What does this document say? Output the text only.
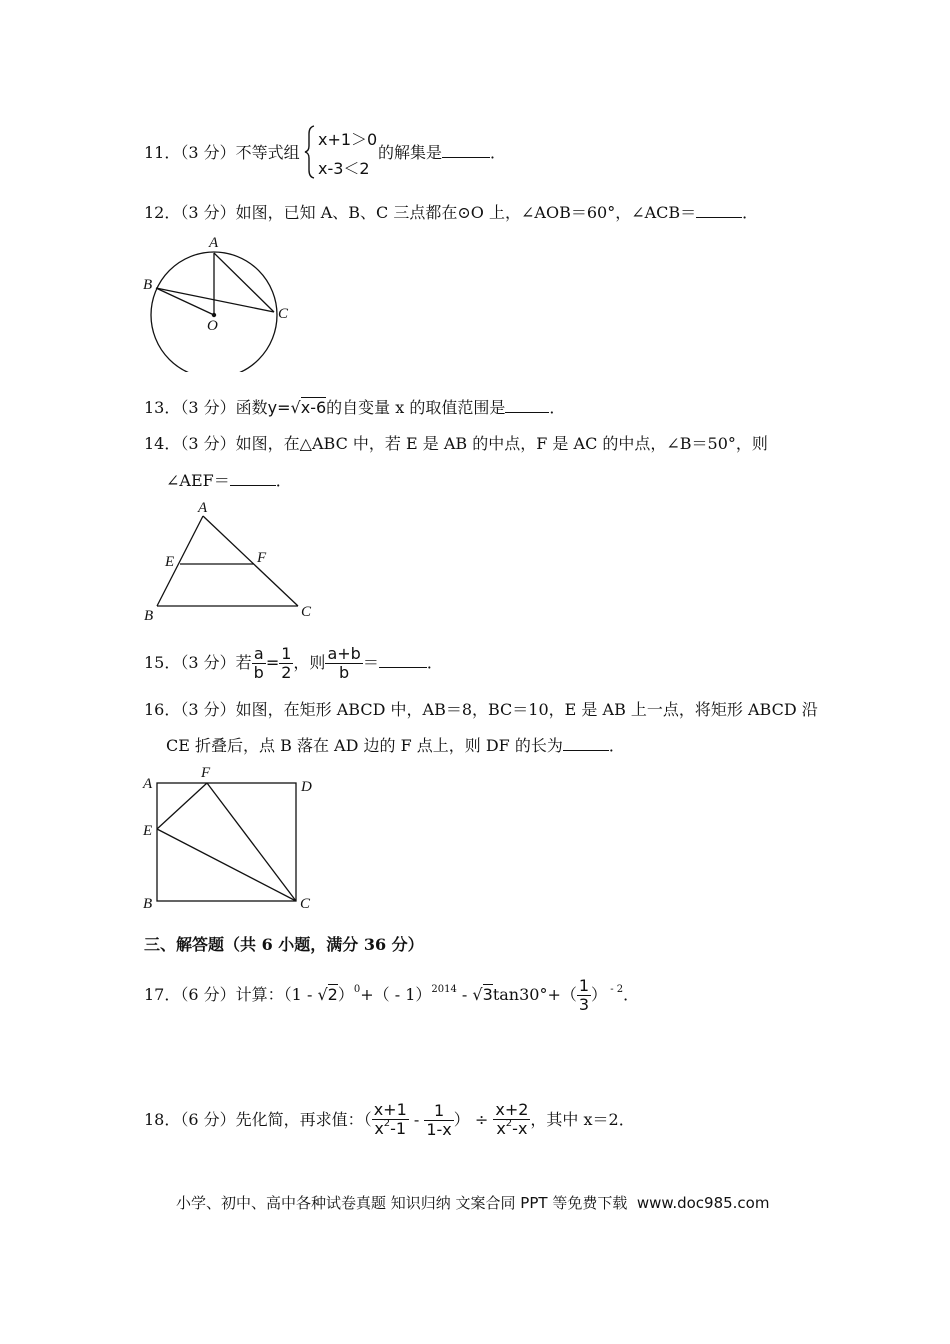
11．（3 分）不等式组
x+1＞0
x-3＜2
的解集是	．
12．（3 分）如图，已知 A、B、C 三点都在⊙O 上，∠AOB＝60°，∠ACB＝	．
A
B
C
O
13．（3 分）函数y=√x-6的自变量 x 的取值范围是	．
14．（3 分）如图，在△ABC 中，若 E 是 AB 的中点，F 是 AC 的中点，∠B＝50°，则
∠AEF＝	．
A
E	F
B	C
15．（3 分）若 $\frac{a}{b} = \frac{1}{2}$ ，则 $\frac{a+b}{b}$ ＝	．
16．（3 分）如图，在矩形 ABCD 中，AB＝8，BC＝10，E 是 AB 上一点，将矩形 ABCD 沿
CE 折叠后，点 B 落在 AD 边的 F 点上，则 DF 的长为	．
A
F
D
E
B	C
三、解答题（共 6 小题，满分 36 分）
17．（6 分）计算：$(1 - √2)^0+( - 1)^{2014} - √3\tan 30^\circ+( \frac{1}{3}$ ） $^{- 2}$．
18．（6 分）先化简，再求值：（ $\frac{x+1}{x^2-1} - \frac{1}{1-x}$ ） ÷ $\frac{x+2}{x^2-x}$ ，其中 x＝2．
小学、初中、高中各种试卷真题 知识归纳 文案合同 PPT 等免费下载 www.doc985.com
